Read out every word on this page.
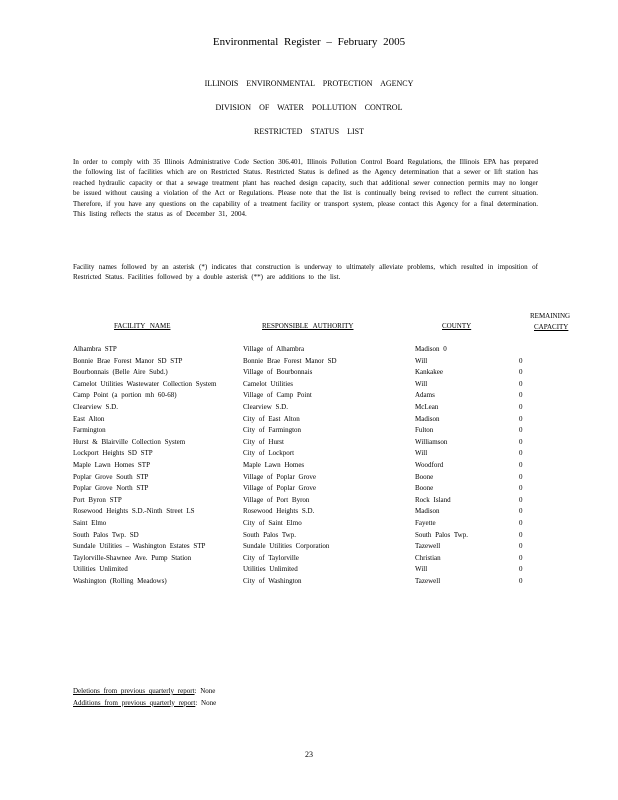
Environmental Register – February 2005
ILLINOIS ENVIRONMENTAL PROTECTION AGENCY
DIVISION OF WATER POLLUTION CONTROL
RESTRICTED STATUS LIST

In order to comply with 35 Illinois Administrative Code Section 306.401, Illinois Pollution Control Board Regulations, the Illinois EPA has prepared the following list of facilities which are on Restricted Status. Restricted Status is defined as the Agency determination that a sewer or lift station has reached hydraulic capacity or that a sewage treatment plant has reached design capacity, such that additional sewer connection permits may no longer be issued without causing a violation of the Act or Regulations. Please note that the list is continually being revised to reflect the current situation. Therefore, if you have any questions on the capability of a treatment facility or transport system, please contact this Agency for a final determination. This listing reflects the status as of December 31, 2004.

Facility names followed by an asterisk (*) indicates that construction is underway to ultimately alleviate problems, which resulted in imposition of Restricted Status. Facilities followed by a double asterisk (**) are additions to the list.

FACILITY NAME	RESPONSIBLE AUTHORITY	COUNTY
REMAINING
CAPACITY
Alhambra STP	Village of Alhambra	Madison 0
Bonnie Brae Forest Manor SD STP	Bonnie Brae Forest Manor SD	Will	0
Bourbonnais (Belle Aire Subd.)	Village of Bourbonnais	Kankakee	0
Camelot Utilities Wastewater Collection System	Camelot Utilities	Will	0
Camp Point (a portion mh 60-68)	Village of Camp Point	Adams	0
Clearview S.D.	Clearview S.D.	McLean	0
East Alton	City of East Alton	Madison	0
Farmington	City of Farmington	Fulton	0
Hurst & Blairville Collection System	City of Hurst	Williamson	0
Lockport Heights SD STP	City of Lockport	Will	0
Maple Lawn Homes STP	Maple Lawn Homes	Woodford	0
Poplar Grove South STP	Village of Poplar Grove	Boone	0
Poplar Grove North STP	Village of Poplar Grove	Boone	0
Port Byron STP	Village of Port Byron	Rock Island	0
Rosewood Heights S.D.-Ninth Street LS	Rosewood Heights S.D.	Madison	0
Saint Elmo	City of Saint Elmo	Fayette	0
South Palos Twp. SD	South Palos Twp.	South Palos Twp.	0
Sundale Utilities – Washington Estates STP	Sundale Utilities Corporation	Tazewell	0
Taylorville-Shawnee Ave. Pump Station	City of Taylorville	Christian	0
Utilities Unlimited	Utilities Unlimited	Will	0
Washington (Rolling Meadows)	City of Washington	Tazewell	0
Deletions from previous quarterly report: None
Additions from previous quarterly report: None
23
